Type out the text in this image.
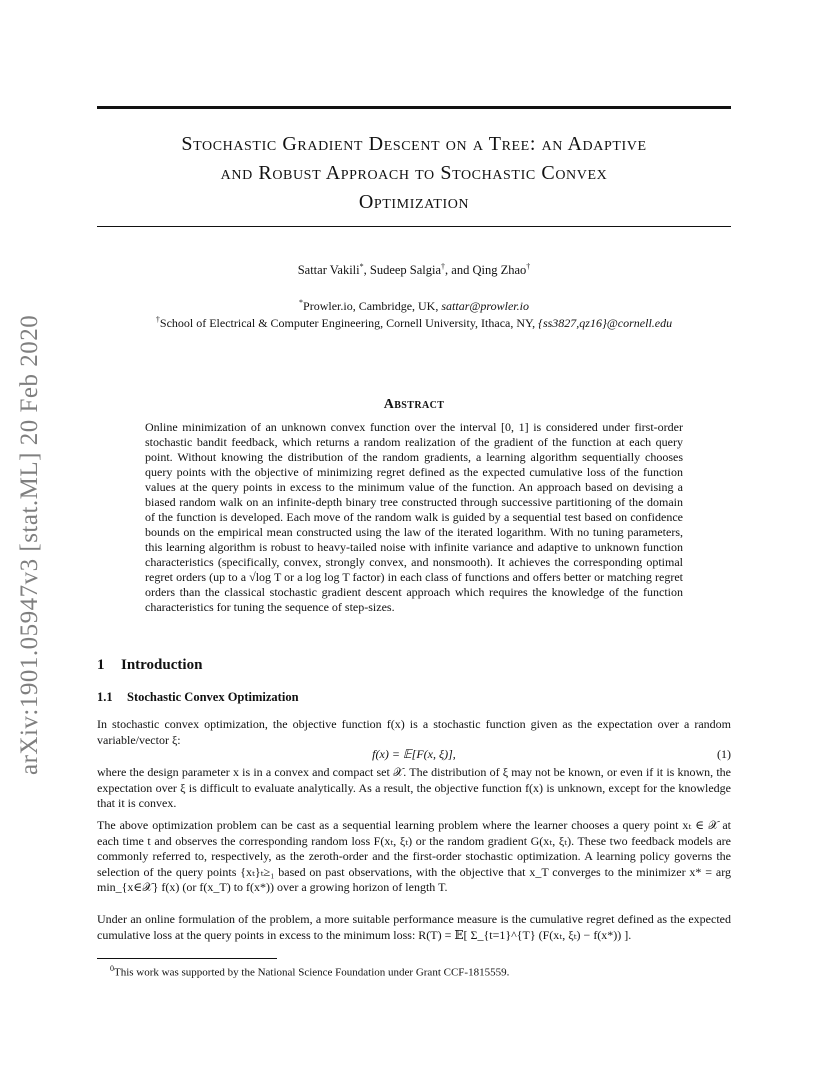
arXiv:1901.05947v3 [stat.ML] 20 Feb 2020
Stochastic Gradient Descent on a Tree: an Adaptive
and Robust Approach to Stochastic Convex
Optimization
Sattar Vakili*, Sudeep Salgia†, and Qing Zhao†
*Prowler.io, Cambridge, UK, sattar@prowler.io
†School of Electrical & Computer Engineering, Cornell University, Ithaca, NY, {ss3827,qz16}@cornell.edu
Abstract
Online minimization of an unknown convex function over the interval [0, 1] is considered under first-order stochastic bandit feedback, which returns a random realization of the gradient of the function at each query point. Without knowing the distribution of the random gradients, a learning algorithm sequentially chooses query points with the objective of minimizing regret defined as the expected cumulative loss of the function values at the query points in excess to the minimum value of the function. An approach based on devising a biased random walk on an infinite-depth binary tree constructed through successive partitioning of the domain of the function is developed. Each move of the random walk is guided by a sequential test based on confidence bounds on the empirical mean constructed using the law of the iterated logarithm. With no tuning parameters, this learning algorithm is robust to heavy-tailed noise with infinite variance and adaptive to unknown function characteristics (specifically, convex, strongly convex, and nonsmooth). It achieves the corresponding optimal regret orders (up to a √log T or a log log T factor) in each class of functions and offers better or matching regret orders than the classical stochastic gradient descent approach which requires the knowledge of the function characteristics for tuning the sequence of step-sizes.
1 Introduction
1.1 Stochastic Convex Optimization
In stochastic convex optimization, the objective function f(x) is a stochastic function given as the expectation over a random variable/vector ξ:
f(x) = 𝔼[F(x, ξ)],	(1)
where the design parameter x is in a convex and compact set 𝒳. The distribution of ξ may not be known, or even if it is known, the expectation over ξ is difficult to evaluate analytically. As a result, the objective function f(x) is unknown, except for the knowledge that it is convex.
The above optimization problem can be cast as a sequential learning problem where the learner chooses a query point xₜ ∈ 𝒳 at each time t and observes the corresponding random loss F(xₜ, ξₜ) or the random gradient G(xₜ, ξₜ). These two feedback models are commonly referred to, respectively, as the zeroth-order and the first-order stochastic optimization. A learning policy governs the selection of the query points {xₜ}ₜ≥₁ based on past observations, with the objective that x_T converges to the minimizer x* = arg min_{x∈𝒳} f(x) (or f(x_T) to f(x*)) over a growing horizon of length T.
Under an online formulation of the problem, a more suitable performance measure is the cumulative regret defined as the expected cumulative loss at the query points in excess to the minimum loss: R(T) = 𝔼[ Σ_{t=1}^{T} (F(xₜ, ξₜ) − f(x*)) ].
$^0$This work was supported by the National Science Foundation under Grant CCF-1815559.
